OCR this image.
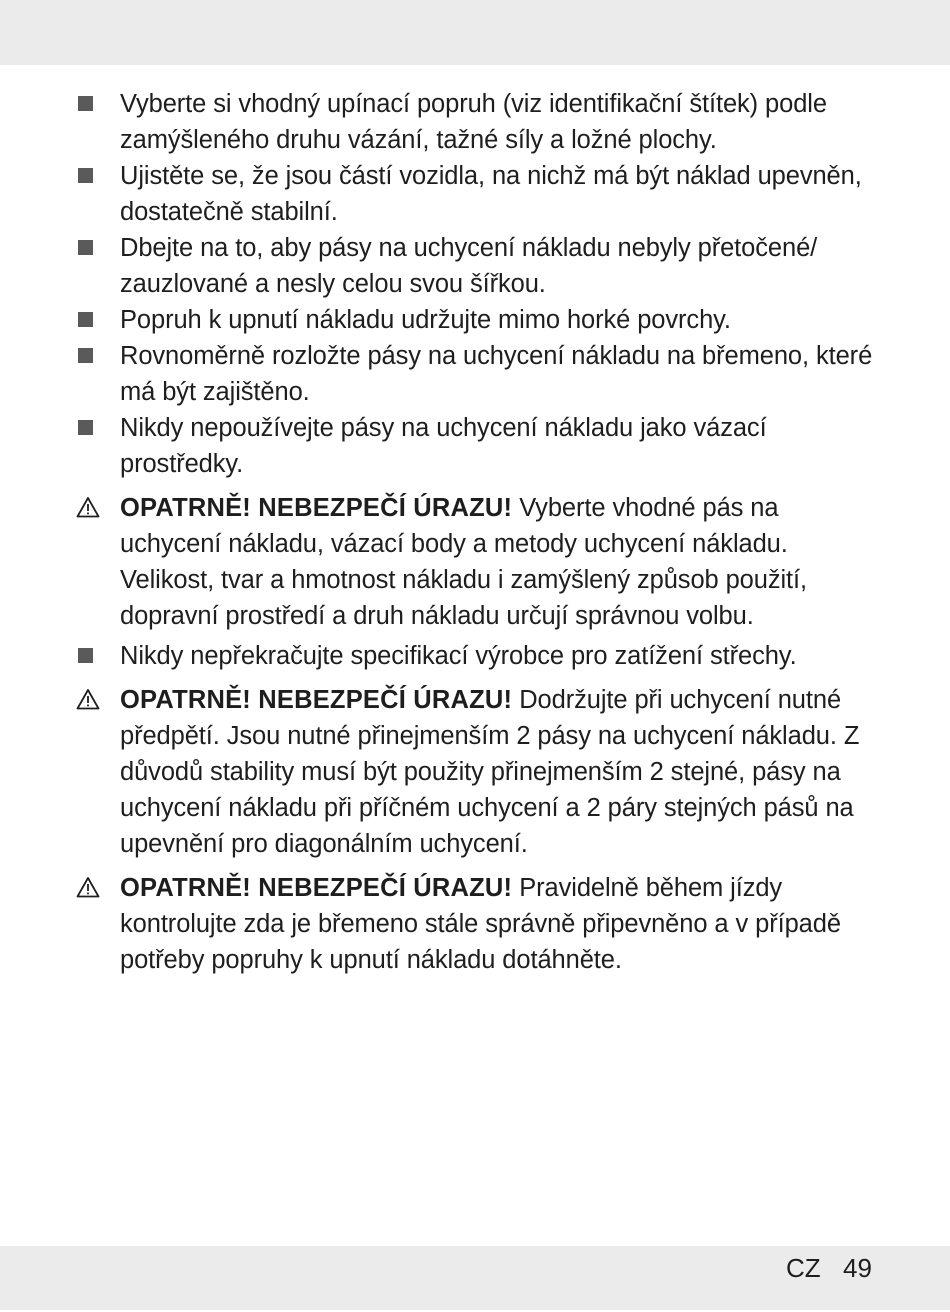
Vyberte si vhodný upínací popruh (viz identifikační štítek) podle zamýšleného druhu vázání, tažné síly a ložné plochy.
Ujistěte se, že jsou částí vozidla, na nichž má být náklad upevněn, dostatečně stabilní.
Dbejte na to, aby pásy na uchycení nákladu nebyly přetočené/ zauzlované a nesly celou svou šířkou.
Popruh k upnutí nákladu udržujte mimo horké povrchy.
Rovnoměrně rozložte pásy na uchycení nákladu na břemeno, které má být zajištěno.
Nikdy nepoužívejte pásy na uchycení nákladu jako vázací prostředky.
OPATRNĚ! NEBEZPEČÍ ÚRAZU! Vyberte vhodné pás na uchycení nákladu, vázací body a metody uchycení nákladu. Velikost, tvar a hmotnost nákladu i zamýšlený způsob použití, dopravní prostředí a druh nákladu určují správnou volbu.
Nikdy nepřekračujte specifikací výrobce pro zatížení střechy.
OPATRNĚ! NEBEZPEČÍ ÚRAZU! Dodržujte při uchycení nutné předpětí. Jsou nutné přinejmenším 2 pásy na uchycení nákladu. Z důvodů stability musí být použity přinejmenším 2 stejné, pásy na uchycení nákladu při příčném uchycení a 2 páry stejných pásů na upevnění pro diagonálním uchycení.
OPATRNĚ! NEBEZPEČÍ ÚRAZU! Pravidelně během jízdy kontrolujte zda je břemeno stále správně připevněno a v případě potřeby popruhy k upnutí nákladu dotáhněte.
CZ 49
